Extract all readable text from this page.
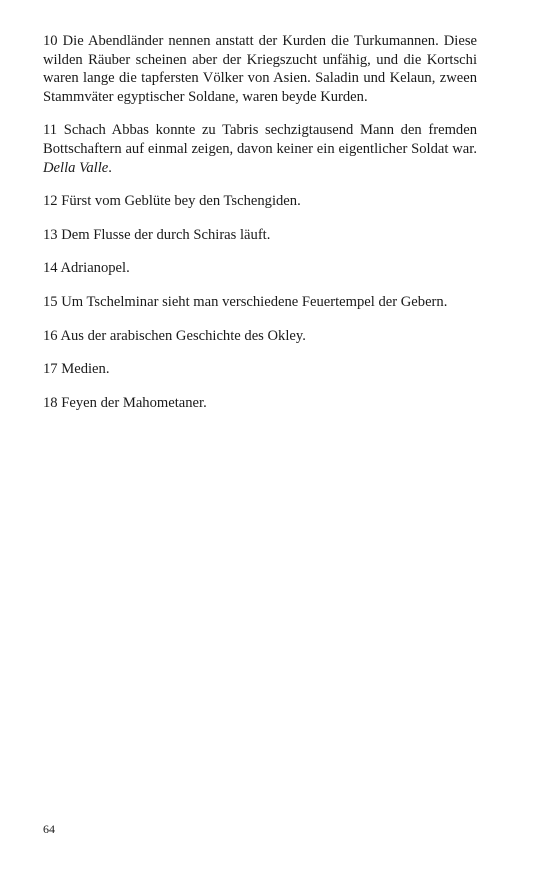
10 Die Abendländer nennen anstatt der Kurden die Turkumannen. Diese wilden Räuber scheinen aber der Kriegszucht unfähig, und die Kortschi waren lange die tapfersten Völker von Asien. Saladin und Kelaun, zween Stammväter egyptischer Soldane, waren beyde Kurden.

11 Schach Abbas konnte zu Tabris sechzigtausend Mann den fremden Bottschaftern auf einmal zeigen, davon keiner ein eigentlicher Soldat war. Della Valle.

12 Fürst vom Geblüte bey den Tschengiden.

13 Dem Flusse der durch Schiras läuft.

14 Adrianopel.

15 Um Tschelminar sieht man verschiedene Feuertempel der Gebern.

16 Aus der arabischen Geschichte des Okley.

17 Medien.

18 Feyen der Mahometaner.

64
